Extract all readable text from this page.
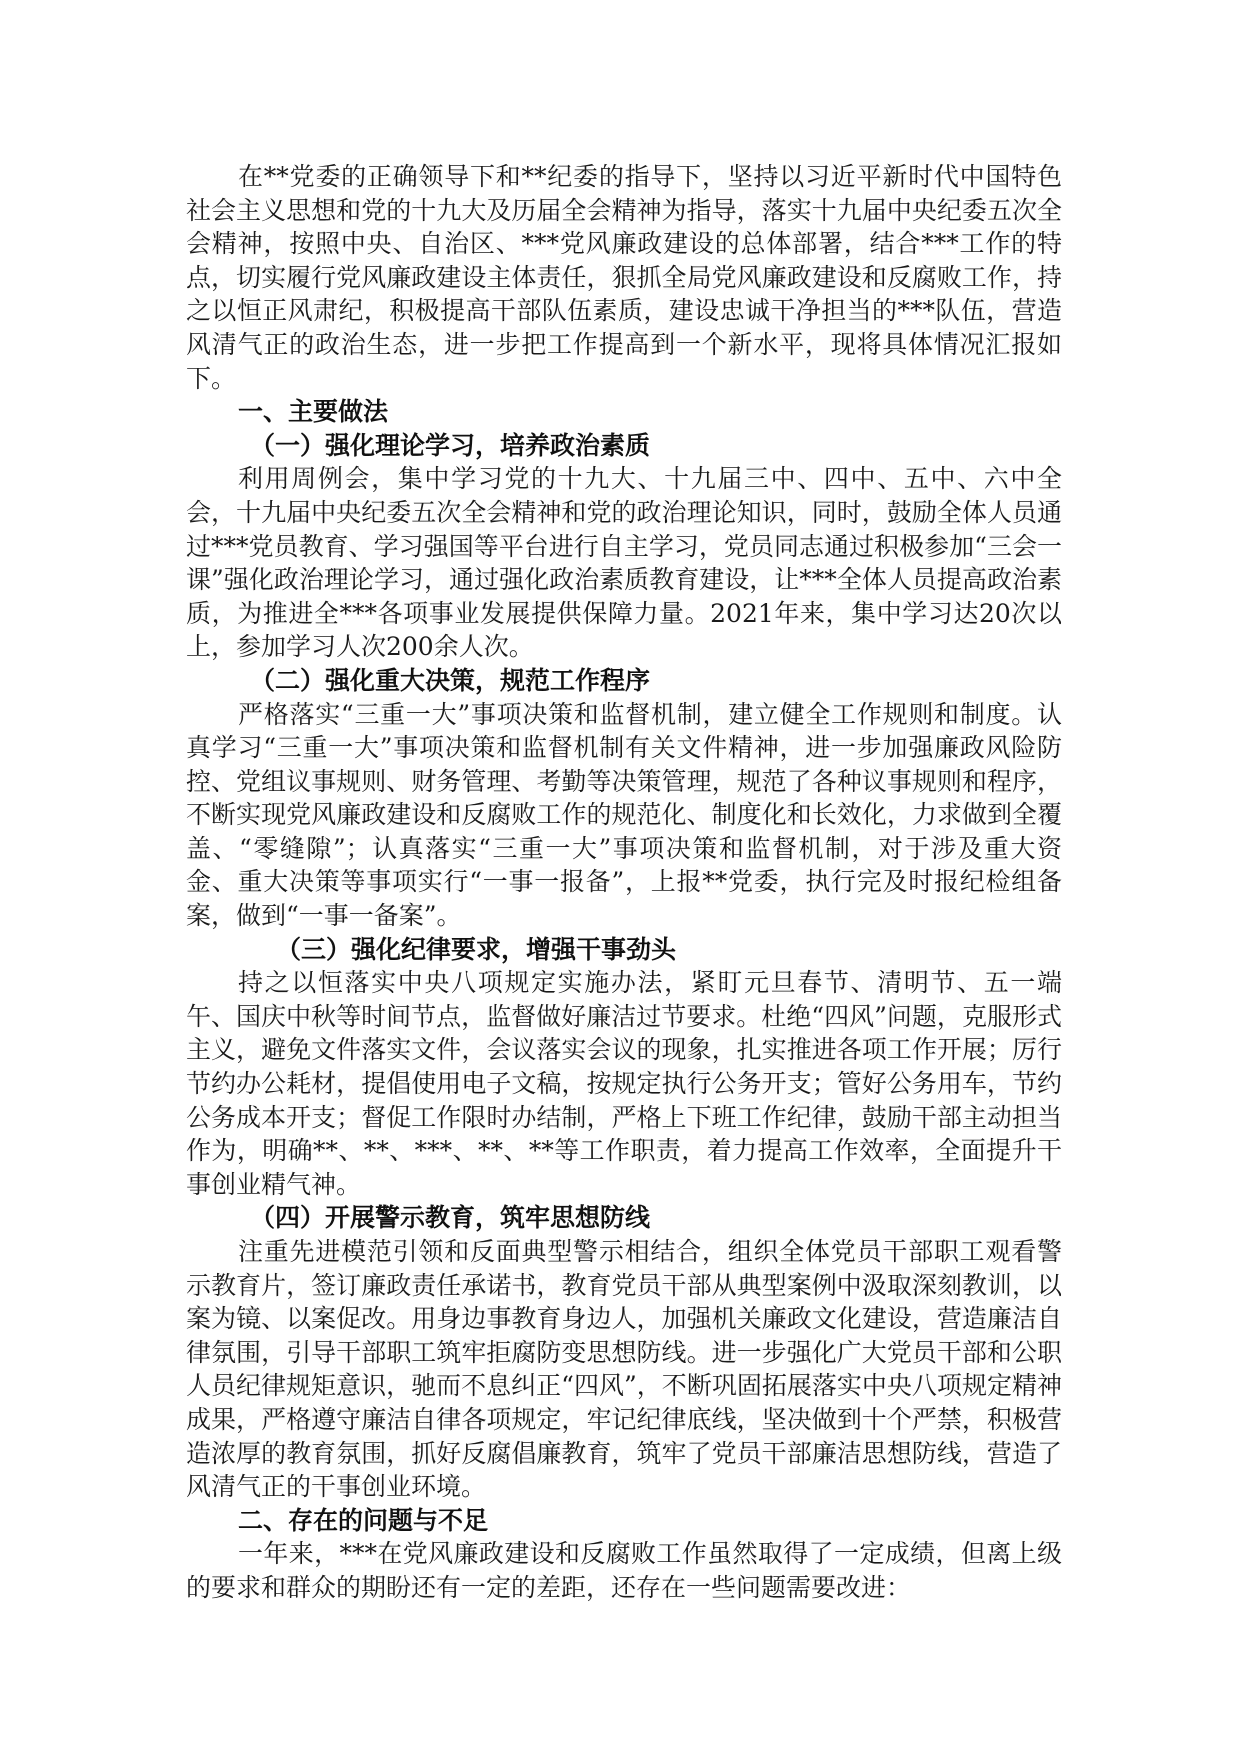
在**党委的正确领导下和**纪委的指导下，坚持以习近平新时代中国特色社会主义思想和党的十九大及历届全会精神为指导，落实十九届中央纪委五次全会精神，按照中央、自治区、***党风廉政建设的总体部署，结合***工作的特点，切实履行党风廉政建设主体责任，狠抓全局党风廉政建设和反腐败工作，持之以恒正风肃纪，积极提高干部队伍素质，建设忠诚干净担当的***队伍，营造风清气正的政治生态，进一步把工作提高到一个新水平，现将具体情况汇报如下。

一、主要做法

（一）强化理论学习，培养政治素质

利用周例会，集中学习党的十九大、十九届三中、四中、五中、六中全会，十九届中央纪委五次全会精神和党的政治理论知识，同时，鼓励全体人员通过***党员教育、学习强国等平台进行自主学习，党员同志通过积极参加“三会一课”强化政治理论学习，通过强化政治素质教育建设，让***全体人员提高政治素质，为推进全***各项事业发展提供保障力量。2021年来，集中学习达20次以上，参加学习人次200余人次。

（二）强化重大决策，规范工作程序

严格落实“三重一大”事项决策和监督机制，建立健全工作规则和制度。认真学习“三重一大”事项决策和监督机制有关文件精神，进一步加强廉政风险防控、党组议事规则、财务管理、考勤等决策管理，规范了各种议事规则和程序，不断实现党风廉政建设和反腐败工作的规范化、制度化和长效化，力求做到全覆盖、“零缝隙”；认真落实“三重一大”事项决策和监督机制，对于涉及重大资金、重大决策等事项实行“一事一报备”，上报**党委，执行完及时报纪检组备案，做到“一事一备案”。

（三）强化纪律要求，增强干事劲头

持之以恒落实中央八项规定实施办法，紧盯元旦春节、清明节、五一端午、国庆中秋等时间节点，监督做好廉洁过节要求。杜绝“四风”问题，克服形式主义，避免文件落实文件，会议落实会议的现象，扎实推进各项工作开展；厉行节约办公耗材，提倡使用电子文稿，按规定执行公务开支；管好公务用车，节约公务成本开支；督促工作限时办结制，严格上下班工作纪律，鼓励干部主动担当作为，明确**、**、***、**、**等工作职责，着力提高工作效率，全面提升干事创业精气神。

（四）开展警示教育，筑牢思想防线

注重先进模范引领和反面典型警示相结合，组织全体党员干部职工观看警示教育片，签订廉政责任承诺书，教育党员干部从典型案例中汲取深刻教训，以案为镜、以案促改。用身边事教育身边人，加强机关廉政文化建设，营造廉洁自律氛围，引导干部职工筑牢拒腐防变思想防线。进一步强化广大党员干部和公职人员纪律规矩意识，驰而不息纠正“四风”，不断巩固拓展落实中央八项规定精神成果，严格遵守廉洁自律各项规定，牢记纪律底线，坚决做到十个严禁，积极营造浓厚的教育氛围，抓好反腐倡廉教育，筑牢了党员干部廉洁思想防线，营造了风清气正的干事创业环境。

二、存在的问题与不足

一年来，***在党风廉政建设和反腐败工作虽然取得了一定成绩，但离上级的要求和群众的期盼还有一定的差距，还存在一些问题需要改进：
